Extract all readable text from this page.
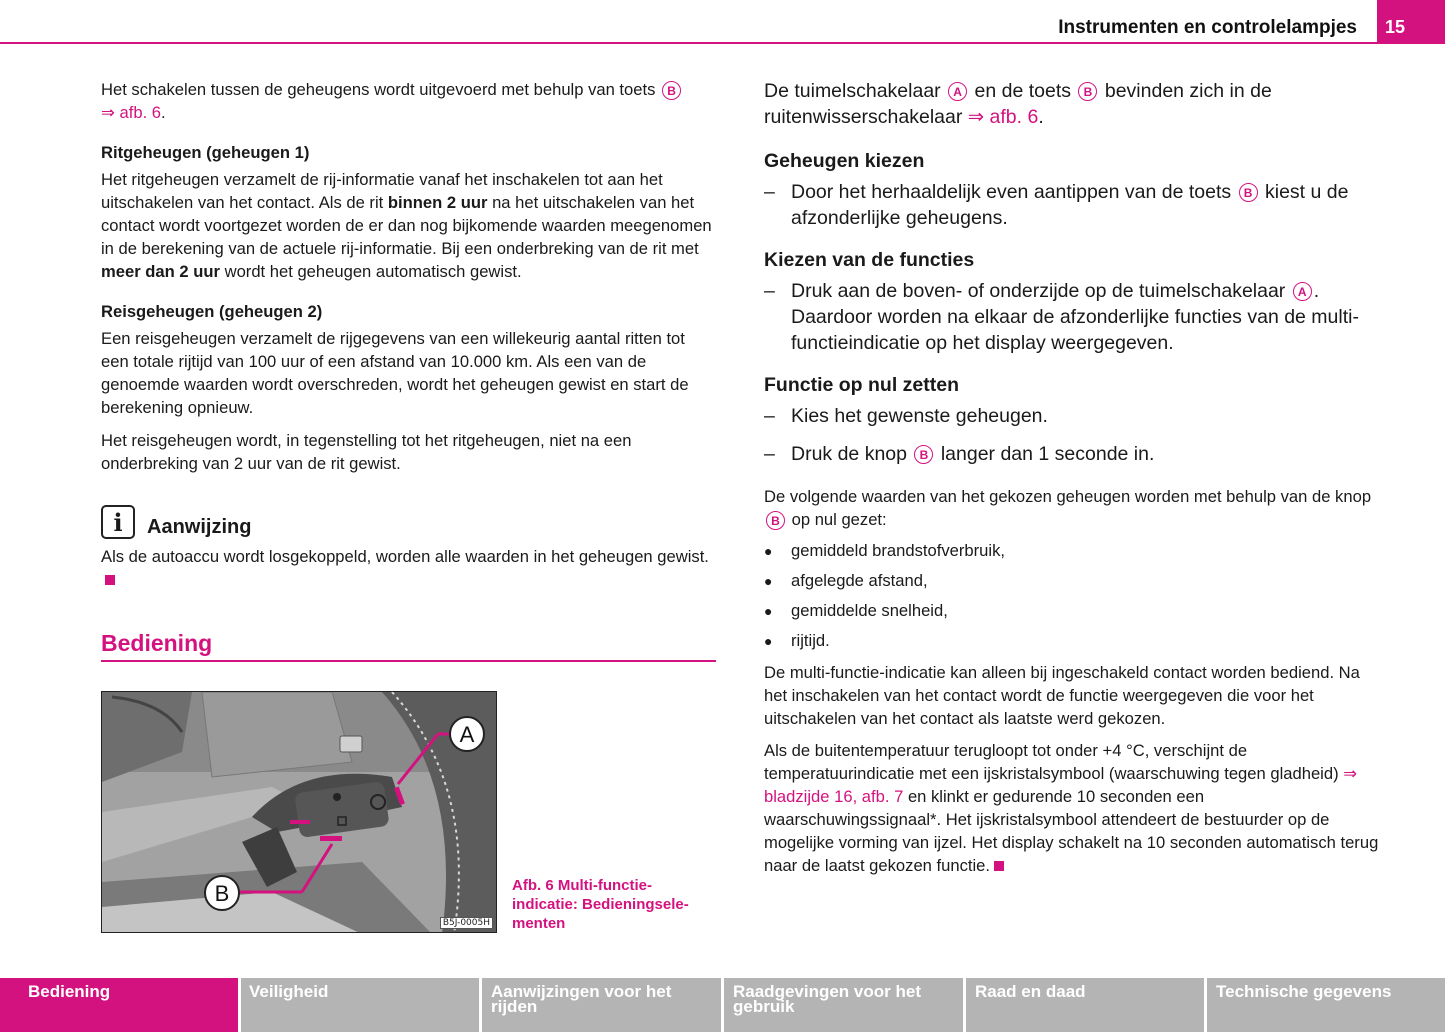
Instrumenten en controlelampjes	15

Het schakelen tussen de geheugens wordt uitgevoerd met behulp van toets B
⇒ afb. 6.

Ritgeheugen (geheugen 1)

Het ritgeheugen verzamelt de rij-informatie vanaf het inschakelen tot aan het uitschakelen van het contact. Als de rit binnen 2 uur na het uitschakelen van het contact wordt voortgezet worden de er dan nog bijkomende waarden meegenomen in de berekening van de actuele rij-informatie. Bij een onderbreking van de rit met meer dan 2 uur wordt het geheugen automatisch gewist.

Reisgeheugen (geheugen 2)

Een reisgeheugen verzamelt de rijgegevens van een willekeurig aantal ritten tot een totale rijtijd van 100 uur of een afstand van 10.000 km. Als een van de genoemde waarden wordt overschreden, wordt het geheugen gewist en start de berekening opnieuw.

Het reisgeheugen wordt, in tegenstelling tot het ritgeheugen, niet na een onderbreking van 2 uur van de rit gewist.

i	Aanwijzing

Als de autoaccu wordt losgekoppeld, worden alle waarden in het geheugen gewist.

Bediening
A
B
B5J-0005H
Afb. 6 Multi-functie-indicatie: Bedieningsele-menten

De tuimelschakelaar A en de toets B bevinden zich in de ruitenwisserschakelaar ⇒ afb. 6.

Geheugen kiezen

– Door het herhaaldelijk even aantippen van de toets B kiest u de afzonderlijke geheugens.

Kiezen van de functies

– Druk aan de boven- of onderzijde op de tuimelschakelaar A . Daardoor worden na elkaar de afzonderlijke functies van de multi-functieindicatie op het display weergegeven.

Functie op nul zetten

– Kies het gewenste geheugen.
– Druk de knop B langer dan 1 seconde in.

De volgende waarden van het gekozen geheugen worden met behulp van de knop B op nul gezet:

●	gemiddeld brandstofverbruik,
●	afgelegde afstand,
●	gemiddelde snelheid,
●	rijtijd.

De multi-functie-indicatie kan alleen bij ingeschakeld contact worden bediend. Na het inschakelen van het contact wordt de functie weergegeven die voor het uitschakelen van het contact als laatste werd gekozen.

Als de buitentemperatuur terugloopt tot onder +4 °C, verschijnt de temperatuurindicatie met een ijskristalsymbool (waarschuwing tegen gladheid) ⇒ bladzijde 16, afb. 7 en klinkt er gedurende 10 seconden een waarschuwingssignaal*. Het ijskristalsymbool attendeert de bestuurder op de mogelijke vorming van ijzel. Het display schakelt na 10 seconden automatisch terug naar de laatst gekozen functie.

Bediening	Veiligheid	Aanwijzingen voor het rijden
Raadgevingen voor het gebruik
Raad en daad	Technische gegevens
